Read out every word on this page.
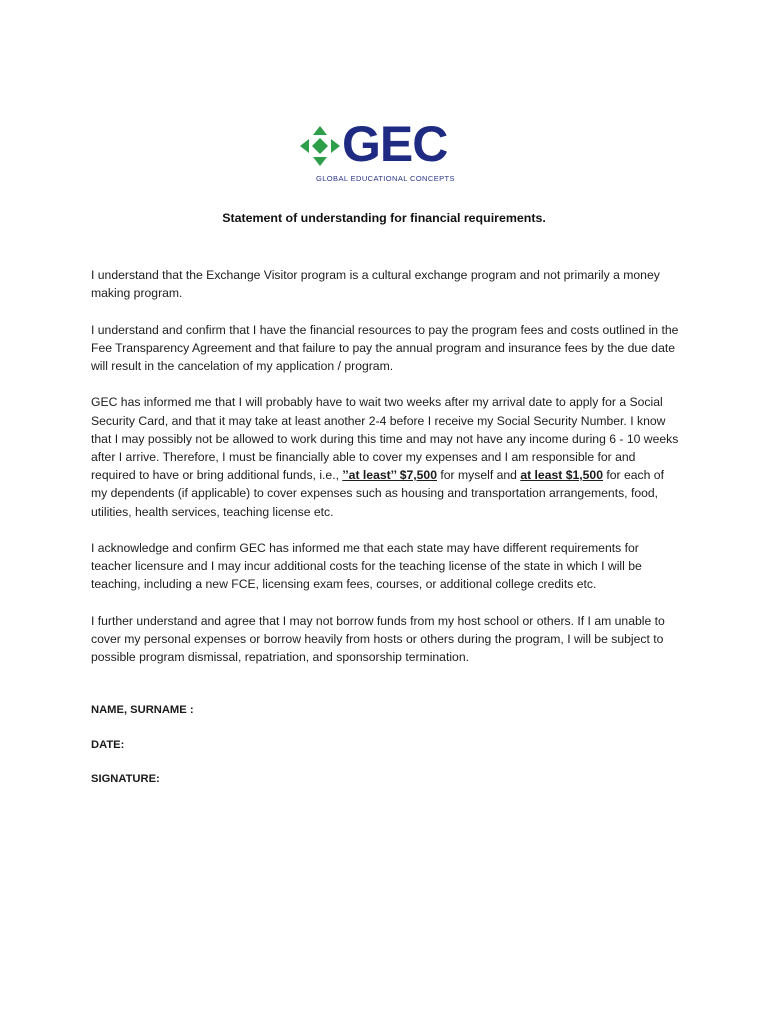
GEC
GLOBAL EDUCATIONAL CONCEPTS
Statement of understanding for financial requirements.

I understand that the Exchange Visitor program is a cultural exchange program and not primarily a money making program.

I understand and confirm that I have the financial resources to pay the program fees and costs outlined in the Fee Transparency Agreement and that failure to pay the annual program and insurance fees by the due date will result in the cancelation of my application / program.

GEC has informed me that I will probably have to wait two weeks after my arrival date to apply for a Social Security Card, and that it may take at least another 2-4 before I receive my Social Security Number. I know that I may possibly not be allowed to work during this time and may not have any income during 6 - 10 weeks after I arrive. Therefore, I must be financially able to cover my expenses and I am responsible for and required to have or bring additional funds, i.e., ’’at least’’ $7,500 for myself and at least $1,500 for each of my dependents (if applicable) to cover expenses such as housing and transportation arrangements, food, utilities, health services, teaching license etc.

I acknowledge and confirm GEC has informed me that each state may have different requirements for teacher licensure and I may incur additional costs for the teaching license of the state in which I will be teaching, including a new FCE, licensing exam fees, courses, or additional college credits etc.

I further understand and agree that I may not borrow funds from my host school or others. If I am unable to cover my personal expenses or borrow heavily from hosts or others during the program, I will be subject to possible program dismissal, repatriation, and sponsorship termination.

NAME, SURNAME :
DATE:
SIGNATURE:
